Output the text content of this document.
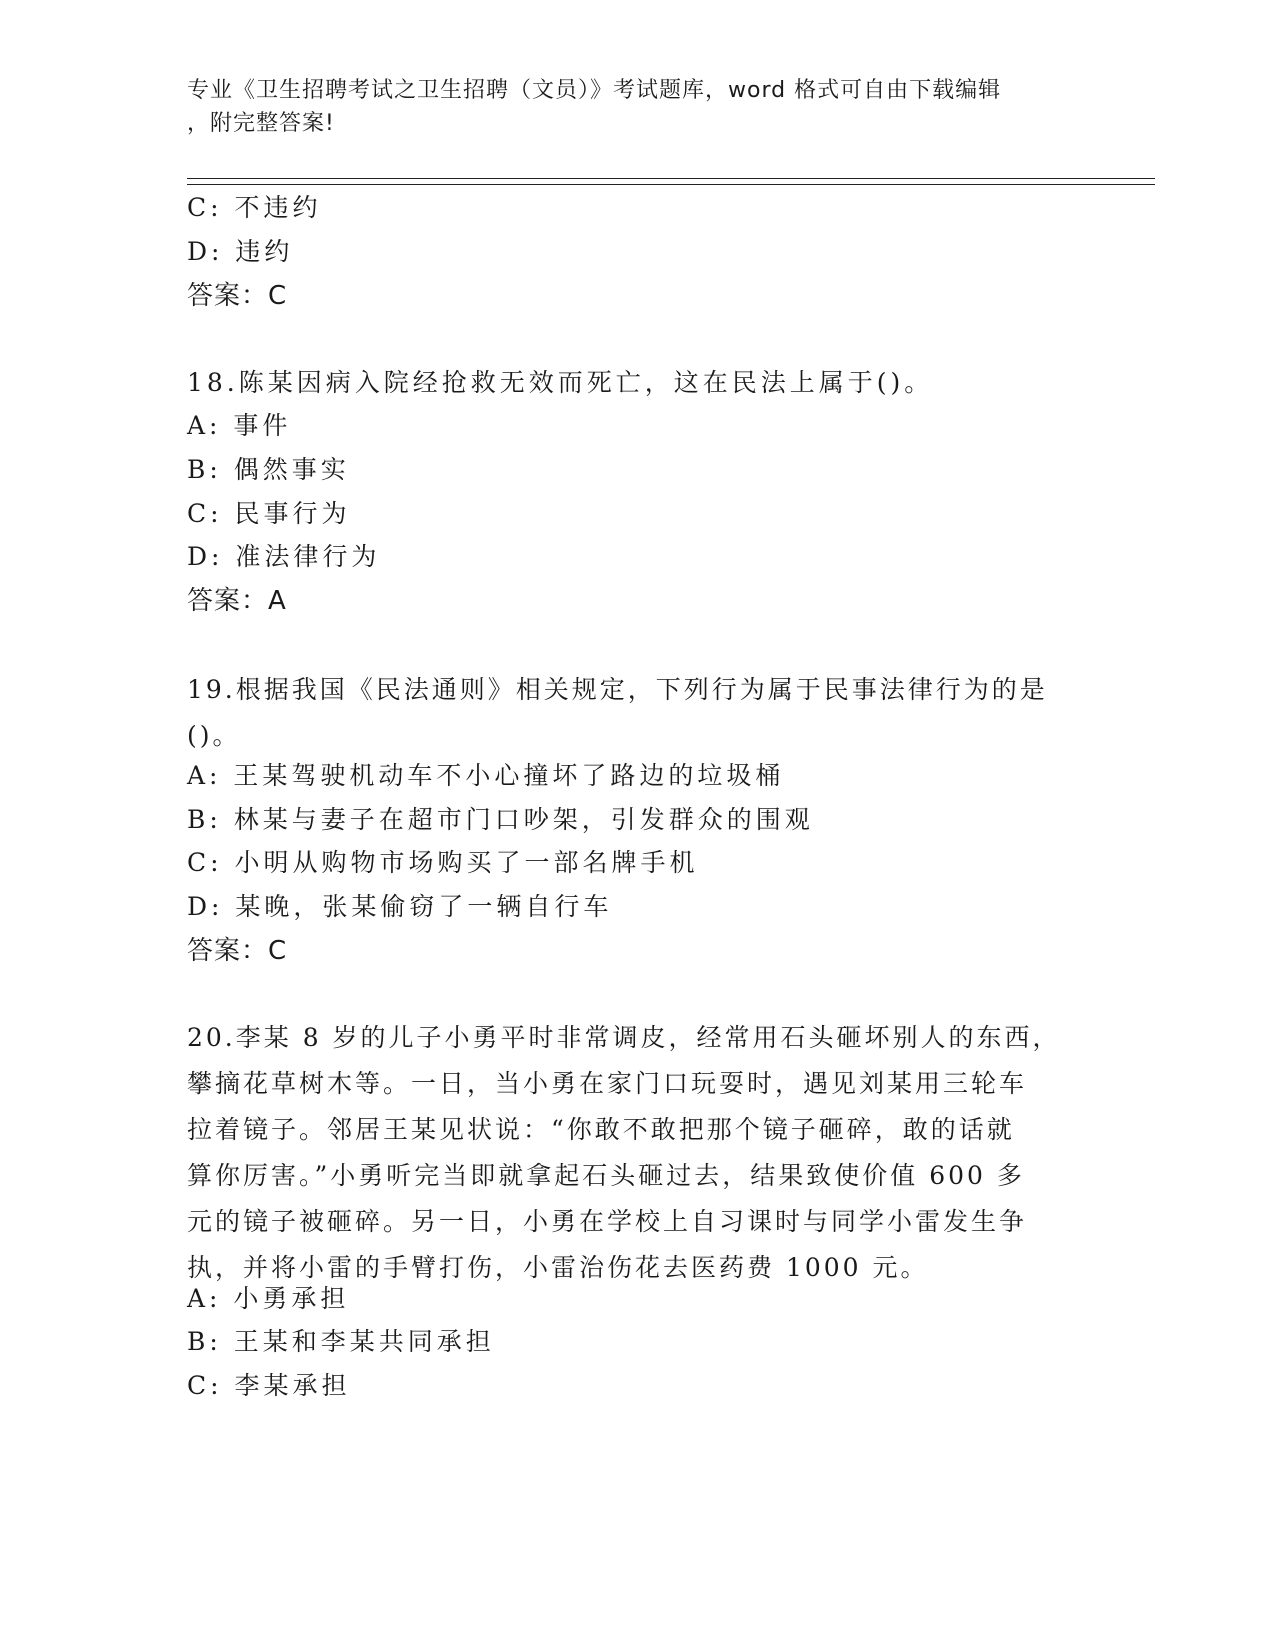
专业《卫生招聘考试之卫生招聘（文员）》考试题库，word 格式可自由下载编辑
，附完整答案!
C: 不违约
D: 违约
答案：C
18.陈某因病入院经抢救无效而死亡，这在民法上属于()。
A: 事件
B: 偶然事实
C: 民事行为
D: 准法律行为
答案：A
19.根据我国《民法通则》相关规定，下列行为属于民事法律行为的是
()。
A: 王某驾驶机动车不小心撞坏了路边的垃圾桶
B: 林某与妻子在超市门口吵架，引发群众的围观
C: 小明从购物市场购买了一部名牌手机
D: 某晚，张某偷窃了一辆自行车
答案：C
20.李某 8 岁的儿子小勇平时非常调皮，经常用石头砸坏别人的东西，
攀摘花草树木等。一日，当小勇在家门口玩耍时，遇见刘某用三轮车
拉着镜子。邻居王某见状说：“你敢不敢把那个镜子砸碎，敢的话就
算你厉害。”小勇听完当即就拿起石头砸过去，结果致使价值 600 多
元的镜子被砸碎。另一日，小勇在学校上自习课时与同学小雷发生争
执，并将小雷的手臂打伤，小雷治伤花去医药费 1000 元。
A: 小勇承担
B: 王某和李某共同承担
C: 李某承担
